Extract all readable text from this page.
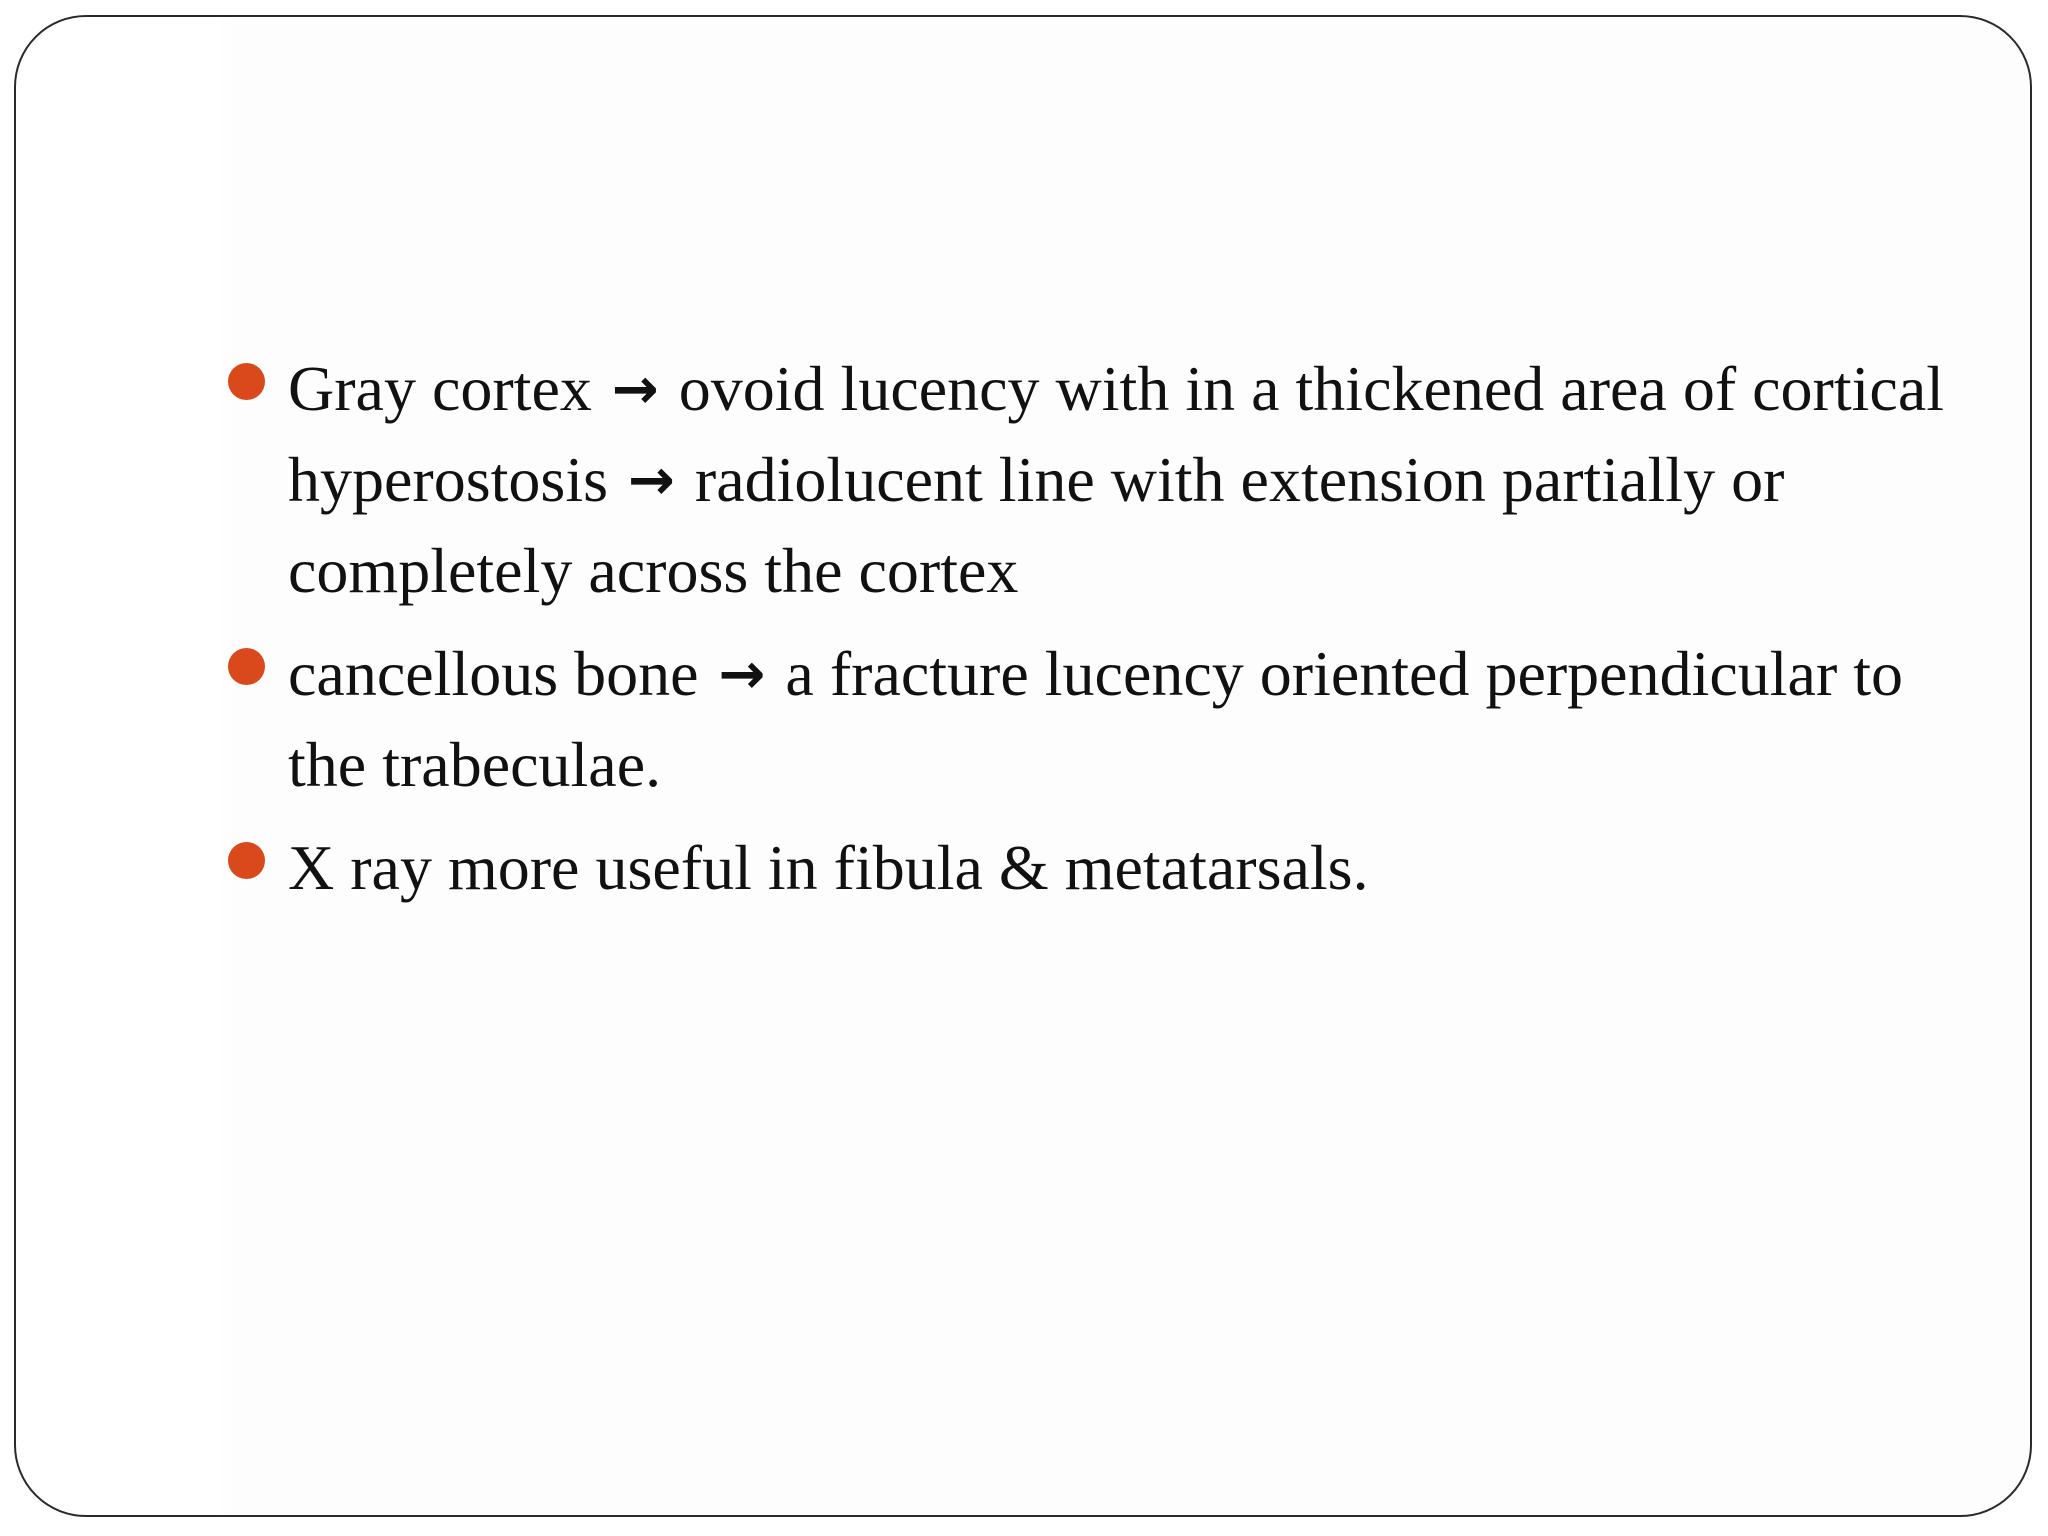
Gray cortex → ovoid lucency with in a thickened area of cortical hyperostosis → radiolucent line with extension partially or completely across the cortex
cancellous bone → a fracture lucency oriented perpendicular to the trabeculae.
X ray more useful in fibula & metatarsals.
